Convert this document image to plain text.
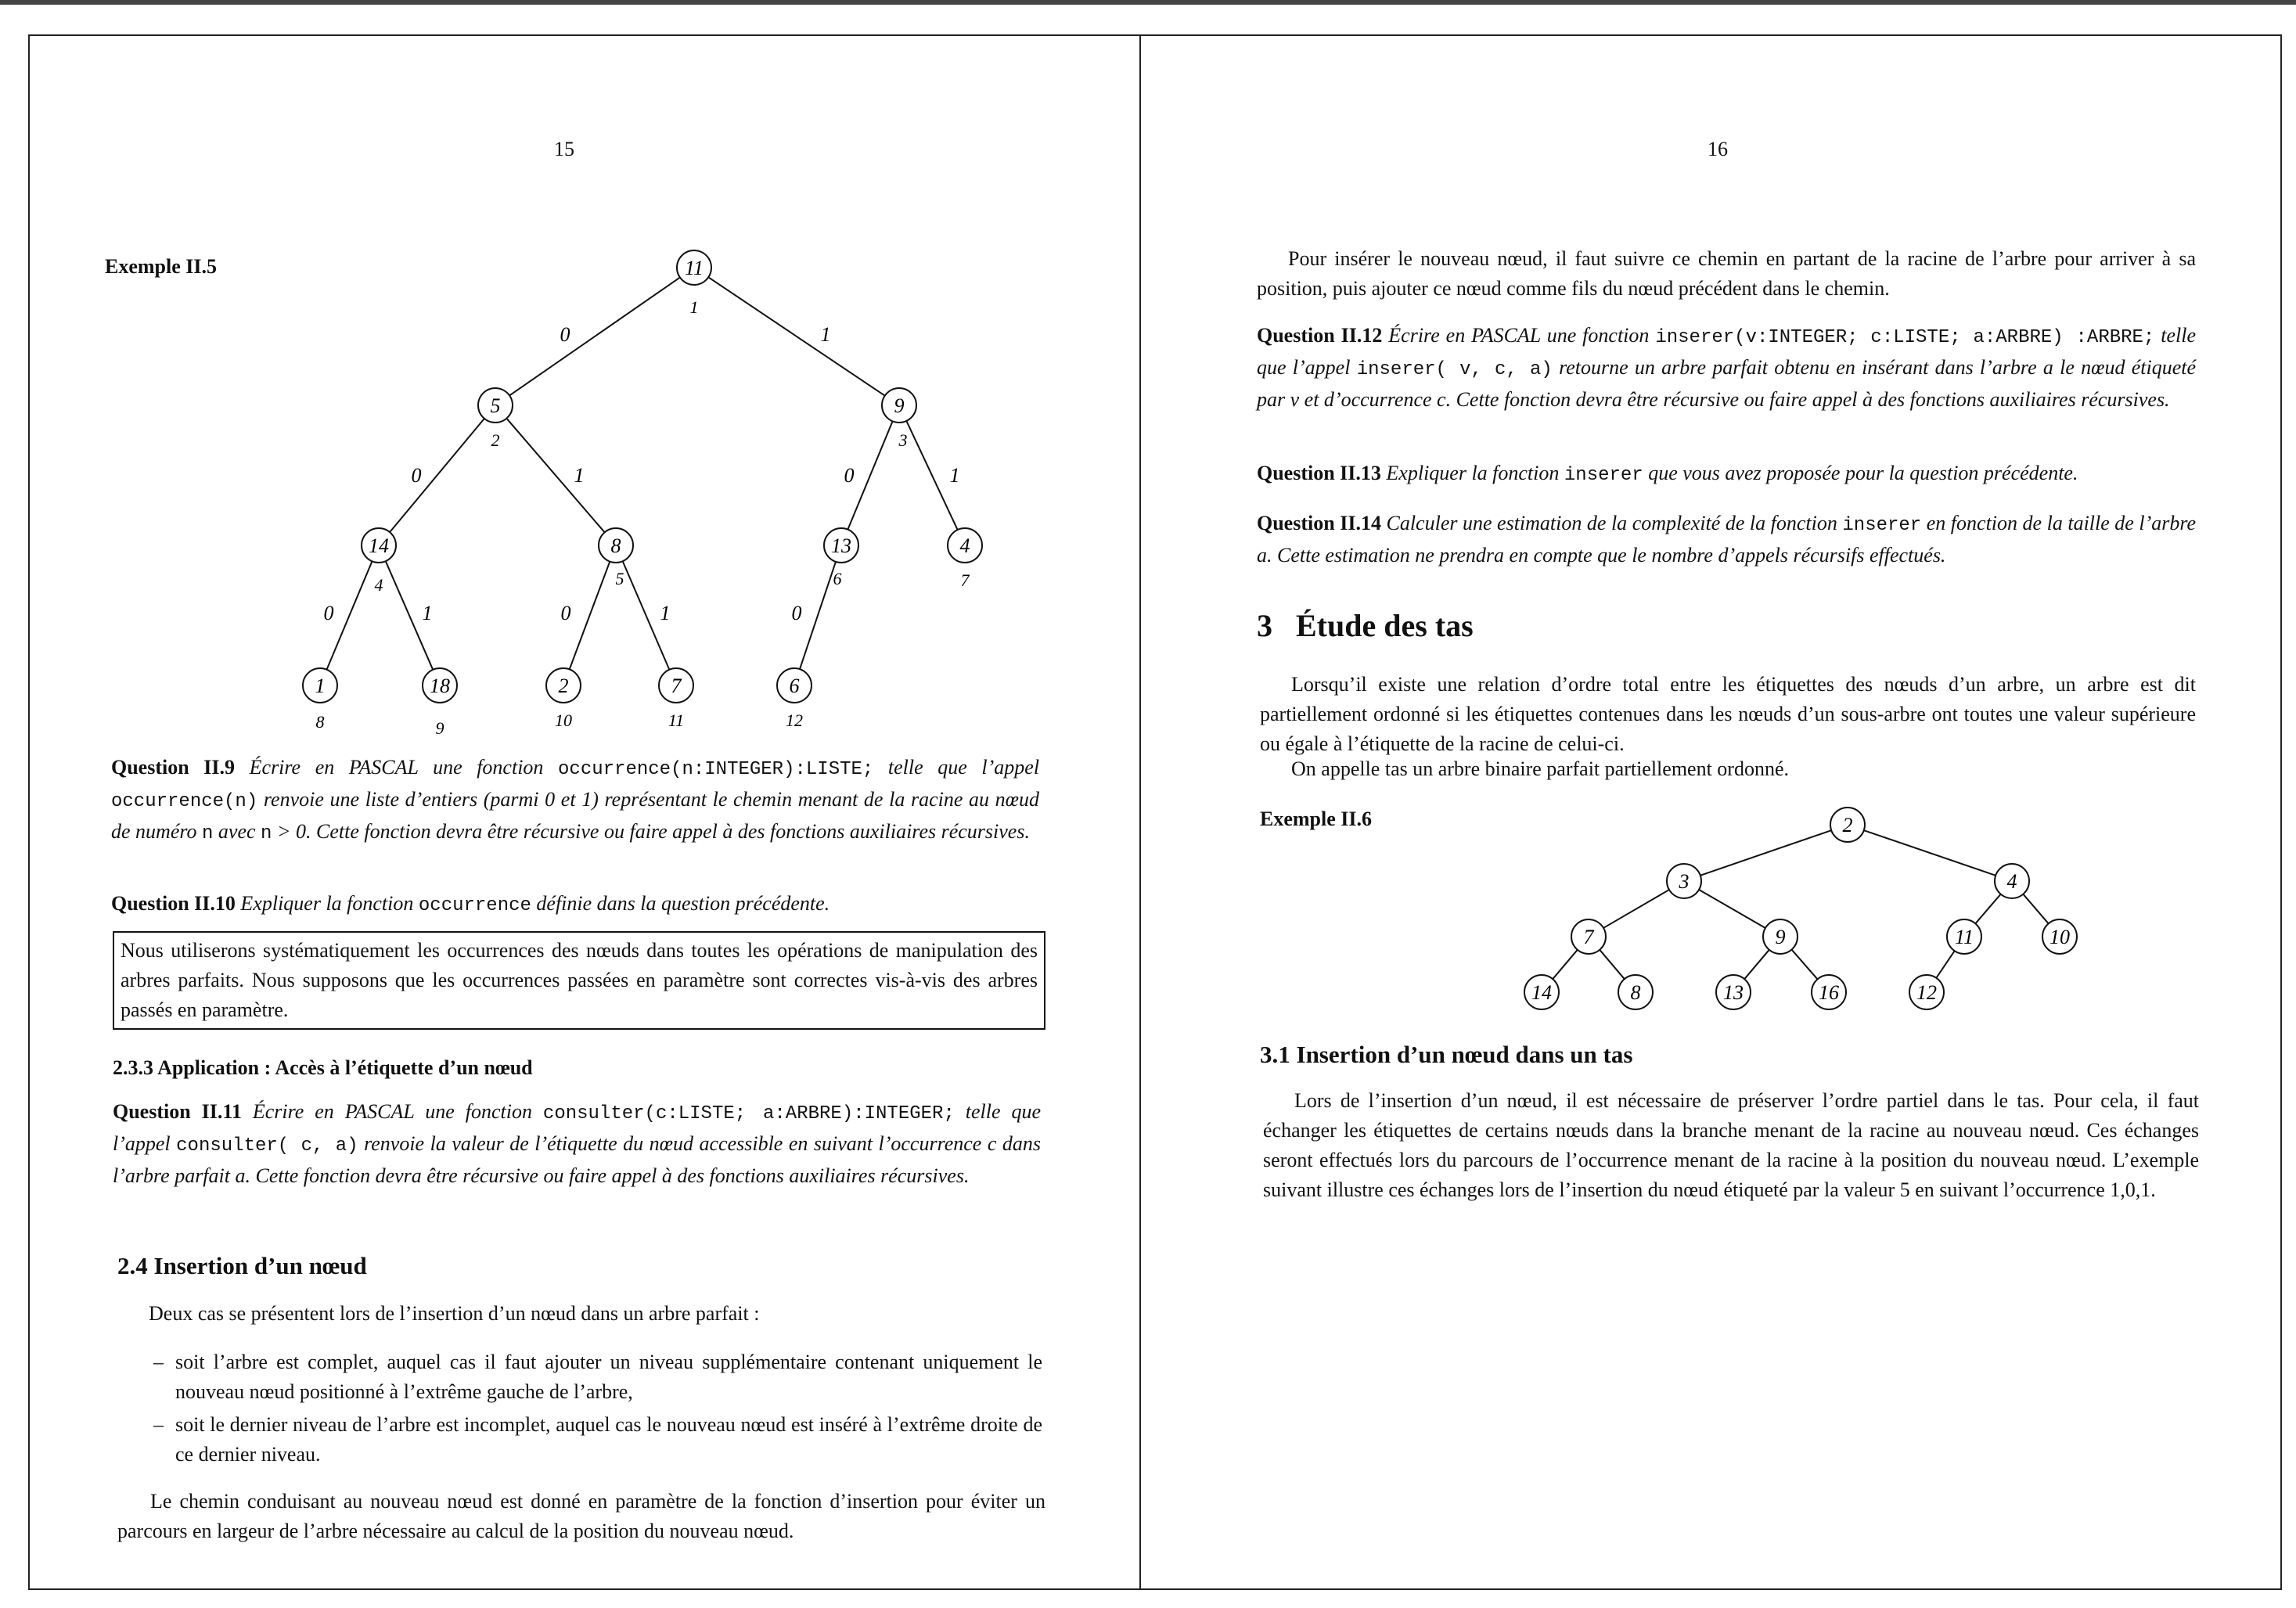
15
Exemple II.5
0	1
0	1	0	1
0	1	0	1	0
11
1
5
2
9
3
14
4
8
5
13
6
4
7
1
8
18
9
2
10
7
11
6
12
Question II.9 Écrire en PASCAL une fonction occurrence(n:INTEGER):LISTE; telle que l’appel occurrence(n) renvoie une liste d’entiers (parmi 0 et 1) représentant le chemin menant de la racine au nœud de numéro n avec n > 0. Cette fonction devra être récursive ou faire appel à des fonctions auxiliaires récursives.
Question II.10 Expliquer la fonction occurrence définie dans la question précédente.
Nous utiliserons systématiquement les occurrences des nœuds dans toutes les opérations de manipulation des arbres parfaits. Nous supposons que les occurrences passées en paramètre sont correctes vis-à-vis des arbres passés en paramètre.
2.3.3 Application : Accès à l’étiquette d’un nœud
Question II.11 Écrire en PASCAL une fonction consulter(c:LISTE; a:ARBRE):INTEGER; telle que l’appel consulter( c, a) renvoie la valeur de l’étiquette du nœud accessible en suivant l’occurrence c dans l’arbre parfait a. Cette fonction devra être récursive ou faire appel à des fonctions auxiliaires récursives.
2.4 Insertion d’un nœud
Deux cas se présentent lors de l’insertion d’un nœud dans un arbre parfait :
– soit l’arbre est complet, auquel cas il faut ajouter un niveau supplémentaire contenant uniquement le nouveau nœud positionné à l’extrême gauche de l’arbre,
– soit le dernier niveau de l’arbre est incomplet, auquel cas le nouveau nœud est inséré à l’extrême droite de ce dernier niveau.
Le chemin conduisant au nouveau nœud est donné en paramètre de la fonction d’insertion pour éviter un parcours en largeur de l’arbre nécessaire au calcul de la position du nouveau nœud.
16
Pour insérer le nouveau nœud, il faut suivre ce chemin en partant de la racine de l’arbre pour arriver à sa position, puis ajouter ce nœud comme fils du nœud précédent dans le chemin.
Question II.12 Écrire en PASCAL une fonction inserer(v:INTEGER; c:LISTE; a:ARBRE) :ARBRE; telle que l’appel inserer( v, c, a) retourne un arbre parfait obtenu en insérant dans l’arbre a le nœud étiqueté par v et d’occurrence c. Cette fonction devra être récursive ou faire appel à des fonctions auxiliaires récursives.
Question II.13 Expliquer la fonction inserer que vous avez proposée pour la question précédente.
Question II.14 Calculer une estimation de la complexité de la fonction inserer en fonction de la taille de l’arbre a. Cette estimation ne prendra en compte que le nombre d’appels récursifs effectués.
3 Étude des tas
Lorsqu’il existe une relation d’ordre total entre les étiquettes des nœuds d’un arbre, un arbre est dit partiellement ordonné si les étiquettes contenues dans les nœuds d’un sous-arbre ont toutes une valeur supérieure ou égale à l’étiquette de la racine de celui-ci.
On appelle tas un arbre binaire parfait partiellement ordonné.
Exemple II.6	2
3	4
7	9	11	10
14	8	13	16	12
3.1 Insertion d’un nœud dans un tas
Lors de l’insertion d’un nœud, il est nécessaire de préserver l’ordre partiel dans le tas. Pour cela, il faut échanger les étiquettes de certains nœuds dans la branche menant de la racine au nouveau nœud. Ces échanges seront effectués lors du parcours de l’occurrence menant de la racine à la position du nouveau nœud. L’exemple suivant illustre ces échanges lors de l’insertion du nœud étiqueté par la valeur 5 en suivant l’occurrence 1,0,1.
